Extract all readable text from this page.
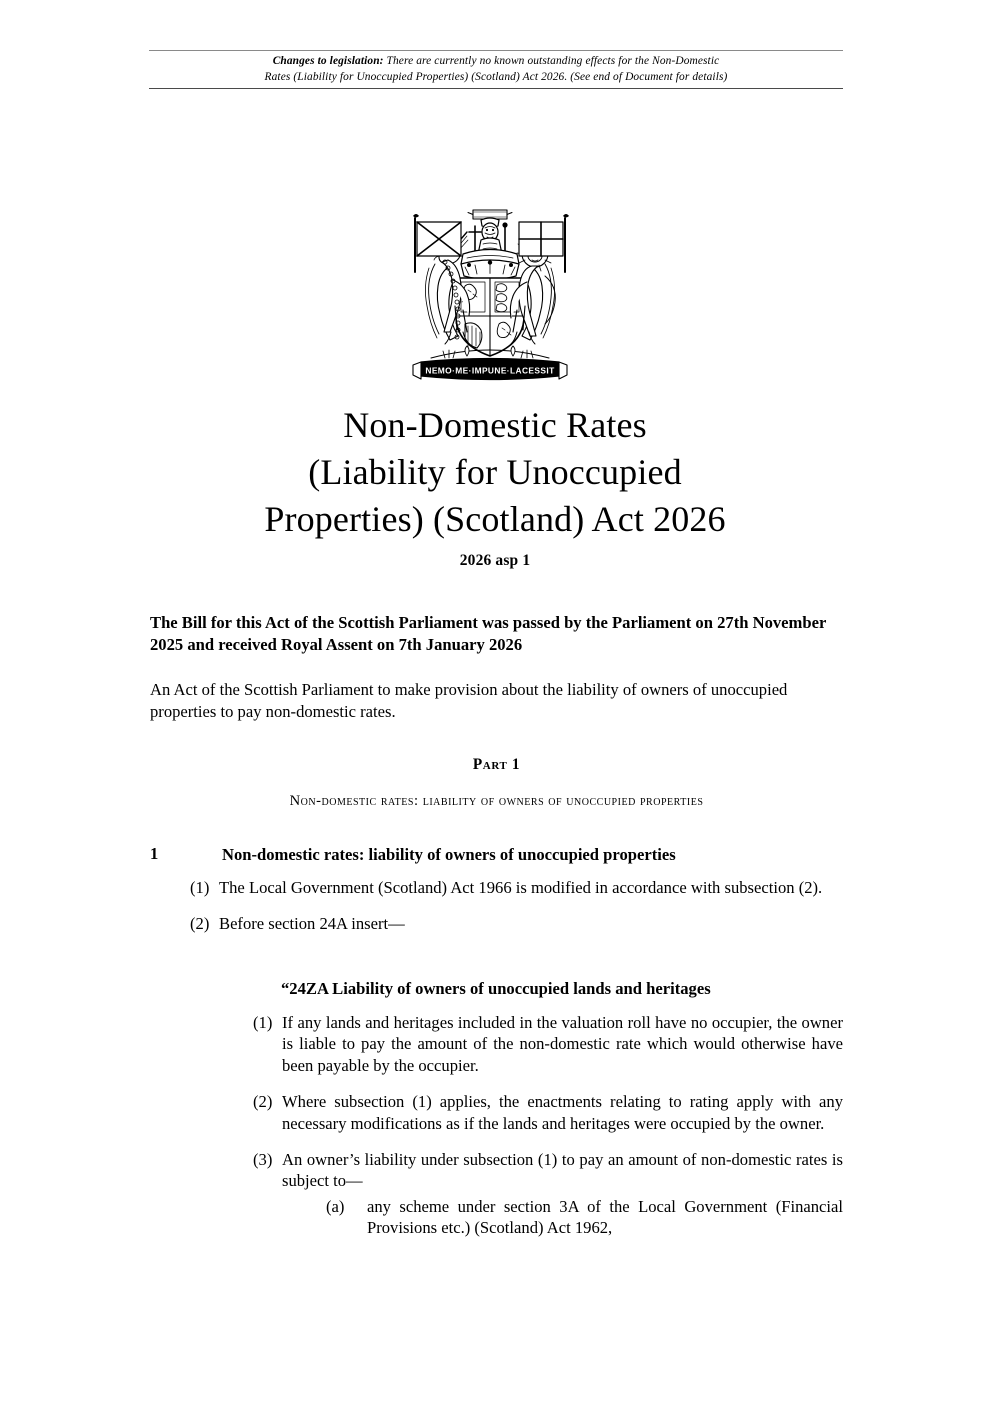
Changes to legislation: There are currently no known outstanding effects for the Non-Domestic
Rates (Liability for Unoccupied Properties) (Scotland) Act 2026. (See end of Document for details)
NEMO·ME·IMPUNE·LACESSIT
Non-Domestic Rates
(Liability for Unoccupied
Properties) (Scotland) Act 2026
2026 asp 1

The Bill for this Act of the Scottish Parliament was passed by the Parliament on 27th November 2025 and received Royal Assent on 7th January 2026

An Act of the Scottish Parliament to make provision about the liability of owners of unoccupied properties to pay non-domestic rates.

Part 1
Non-domestic rates: liability of owners of unoccupied properties
1	Non-domestic rates: liability of owners of unoccupied properties
(1) The Local Government (Scotland) Act 1966 is modified in accordance with subsection (2).
(2) Before section 24A insert—
“24ZA Liability of owners of unoccupied lands and heritages
(1) If any lands and heritages included in the valuation roll have no occupier, the owner is liable to pay the amount of the non-domestic rate which would otherwise have been payable by the occupier.
(2) Where subsection (1) applies, the enactments relating to rating apply with any necessary modifications as if the lands and heritages were occupied by the owner.
(3) An owner’s liability under subsection (1) to pay an amount of non-domestic rates is subject to—
(a) any scheme under section 3A of the Local Government (Financial Provisions etc.) (Scotland) Act 1962,
